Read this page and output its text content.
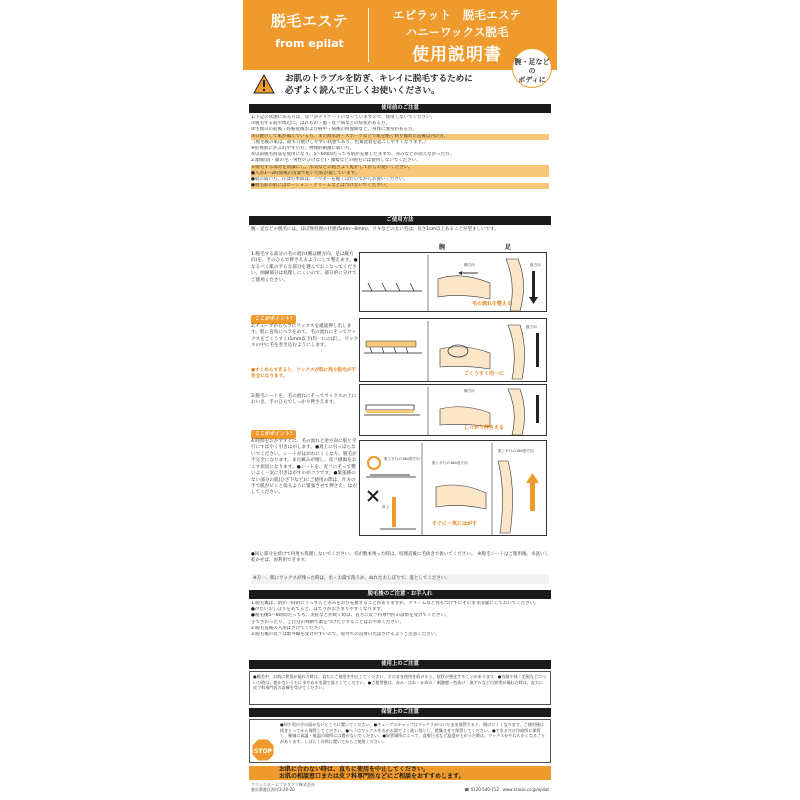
脱毛エステ
from epilat
エピラット　脱毛エステ
ハニーワックス脱毛
使用説明書	腕・足などの
ボディに
お肌のトラブルを防ぎ、キレイに脱毛するために
必ずよく読んで正しくお使いください。
使用前のご注意
1.下記の状態にある方は、皮フがデリケートになっていますので、使用しないでください。
①脱毛する肌や周辺に、はれもの・傷・皮フ病などの症状がある方。
②生理日の前後・妊娠産後および病中・病後の回復期など、身体に異常がある方。
③日焼けして肌が傷んでいる方。また海水浴・スポーツなどで肌を酷く刺り傷めた直後以内の方。
（脱毛後の肌は、最も日焼けしやすい状態であり、色素沈着を起こしやすくなります。）
④肝斑肌にかぶれやすい方、物理的刺激に弱い方。
⑤以前脱毛商品を使用になり、5〜6時間たっても肌が充血したままで、赤みなどが消えなかった方。
2.顔面(眉・顔の毛・男性のひげなど)・頭髪などの脱毛には使用しないでください。
3.脱毛する部分を清潔にし、水気などの粘きよく乾かしてからお使いください。
●入浴1〜2時間後の清潔で乾いた肌が適しています。
●肌の弱い方、汗ばむ季節は、パウダーを軽くはたいてからお使いください。
●脱毛前の肌にはローション・クリームなどはつけないでください。
ご使用方法
腕・足などの脱毛には、ほぼ無処理の状態(5mm〜8mm)、ワキなどの太い毛は、長さ1cm以上あることが望ましいです。
腕	足
1.脱毛する部分の毛の流れ(腕は横方向、足は縦方向)を、手のひらで押さえるようにして整えます。●なるべく肌の平らな部分を選んでおこなってください。曲線部分は処理しにくいので、部分的に分けてご使用ください。
横方向	縦方向
毛の流れを整える
ここがポイント!
2.チューブからヘラにワックスを適量押し出します。肌に直角にヘラをあて、毛の流れにそってワックスをごくうすく(1mm以下)均一にのばし、ワックスの中に毛を巻き込むようにします。
●すくめらすぎると、ワックスが肌に残り脱毛が不完全になります。
縦方向
ごくうすく均一に
3.脱毛シートを、毛の流れにそってワックスの上においき、手のひらでしっかり押さえます。
横方向
しっかり押さえる
ここがポイント!
4.時間をおかずすぐに、毛の流れと逆方向に肌と平行にすばやく引きはがします。●真上に引っぱらないでください。シートがはがれにくくなり、脱毛が不完全になります。また痛みが増し、皮フ損傷をおこす原因になります。●シートを、皮フにそって勢いよく一気に引きはがすのがコツです。●緊張感のない部分の肌(ひざ下など)にご使用の際は、片方の手で肌がピンと張るように緊張させて押さえ、はがしてください。
肌と平行の180度方向
真上
肌と平行の180度方向
肌と平行の180度方向
すぐに一気にはがす
●同じ部分を続けて何度も処理しないでください。毛が数本残った時は、処理直後に毛抜きで抜いてください。　※脱毛シートはご使用後、水洗いし乾かせば、再利用できます。
※万一、肌にワックスが残った時は、水・お湯で洗うか、ぬれたおしぼりで、落としてください。
脱毛後のご注意・お手入れ
1.脱毛後は、肌が一時的にうっすらと赤みをおび充血することがありますが、クリームなど何もつけずにそのまま清潔にしておいてください。
●冷たいおしぼりをあてると、ほてりがおさまりやすくなります。
●脱毛後5〜6時間たっても、炎症などが続く時は、直ちに皮フ科専門医の診察を受けてください。
手でさわったり、ご自分の判断で薬をつけたりすることはおやめください。
2.脱毛直後の入浴はさけてください。
3.脱毛後の皮フは紫外線を受けやすいので、屋外での直射日光はさけるようご注意ください。
使用上のご注意
●脱毛中、お肌に異常が現れた時は、直ちにご使用を中止してください。そのまま使用を続けると、症状が悪化することがあります。●衣服や体・毛髪などについた時は、乾かないうちに水やぬるま湯で落としてください。●ご使用後は、赤み・はれ・かゆみ・刺激感・色抜け・黒ずみなどの異常が現れた時は、直ちに皮フ科専門医の診療を受けてください。
保管上のご注意
●幼少児の手の届かないところに置いてください。●チューブのキャップはワックスがついたまま保管すると、開けにくくなります。ご使用後は拭きとってから保管してください。●ヘラはワックスを水かお湯でよく洗い落とし、乾燥させて保管してください。●できるだけ冷暗所に保管し、極端に高温・低温の場所には置かないでください。●保管場所によって、直射日光など温度が上がった時は、ワックスがやわらかくなることがあります。しばらく冷所に置いてからご使用ください。
STOP
お肌に合わない時は、直ちに使用を中止してください。
お肌の相談窓口または皮フ科専門医などにご相談をおすすめします。
クラシエホームプロダクツ株式会社
東京都港区海岸3-20-20	☎ 0120-540-712 www.kracie.co.jp/epilat
